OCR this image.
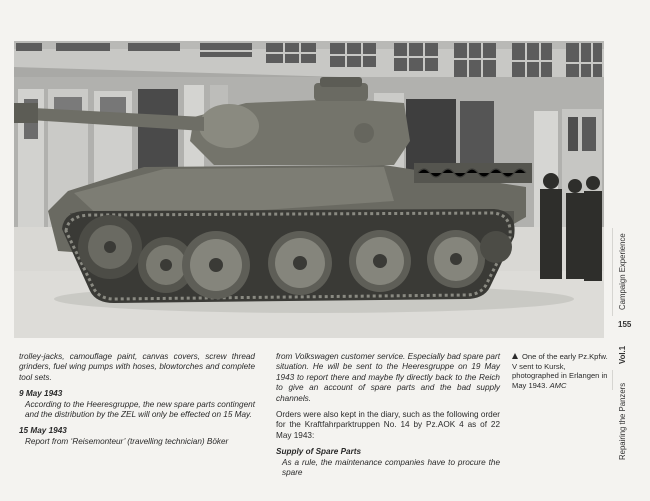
trolley-jacks, camouflage paint, canvas covers, screw thread grinders, fuel wing pumps with hoses, blowtorches and complete tool sets.

9 May 1943

According to the Heeresgruppe, the new spare parts contingent and the distribution by the ZEL will only be effected on 15 May.

15 May 1943

Report from ‘Reisemonteur’ (travelling technician) Böker

from Volkswagen customer service. Especially bad spare part situation. He will be sent to the Heeresgruppe on 19 May 1943 to report there and maybe fly directly back to the Reich to give an account of spare parts and the bad supply channels.

Orders were also kept in the diary, such as the following order for the Kraftfahrparktruppen No. 14 by Pz.AOK 4 as of 22 May 1943:

Supply of Spare Parts

As a rule, the maintenance companies have to procure the spare

One of the early Pz.Kpfw. V sent to Kursk, photographed in Erlangen in May 1943. AMC
Campaign Experience
155
Vol.1
Repairing the Panzers
